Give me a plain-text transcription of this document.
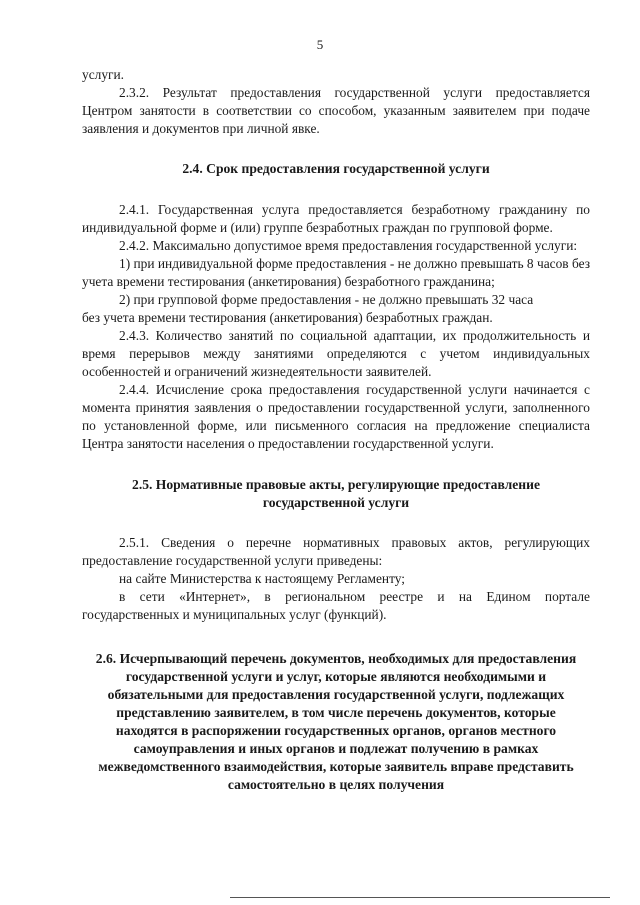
5

услуги.

2.3.2. Результат предоставления государственной услуги предоставляется Центром занятости в соответствии со способом, указанным заявителем при подаче заявления и документов при личной явке.

2.4. Срок предоставления государственной услуги

2.4.1. Государственная услуга предоставляется безработному гражданину по индивидуальной форме и (или) группе безработных граждан по групповой форме.

2.4.2. Максимально допустимое время предоставления государственной услуги:

1) при индивидуальной форме предоставления - не должно превышать 8 часов без учета времени тестирования (анкетирования) безработного гражданина;

2) при групповой форме предоставления - не должно превышать 32 часа

без учета времени тестирования (анкетирования) безработных граждан.

2.4.3. Количество занятий по социальной адаптации, их продолжительность и время перерывов между занятиями определяются с учетом индивидуальных особенностей и ограничений жизнедеятельности заявителей.

2.4.4. Исчисление срока предоставления государственной услуги начинается с момента принятия заявления о предоставлении государственной услуги, заполненного по установленной форме, или письменного согласия на предложение специалиста Центра занятости населения о предоставлении государственной услуги.

2.5. Нормативные правовые акты, регулирующие предоставление государственной услуги

2.5.1. Сведения о перечне нормативных правовых актов, регулирующих предоставление государственной услуги приведены:

на сайте Министерства к настоящему Регламенту;

в сети «Интернет», в региональном реестре и на Едином портале государственных и муниципальных услуг (функций).

2.6. Исчерпывающий перечень документов, необходимых для предоставления государственной услуги и услуг, которые являются необходимыми и обязательными для предоставления государственной услуги, подлежащих представлению заявителем, в том числе перечень документов, которые находятся в распоряжении государственных органов, органов местного самоуправления и иных органов и подлежат получению в рамках межведомственного взаимодействия, которые заявитель вправе представить самостоятельно в целях получения
